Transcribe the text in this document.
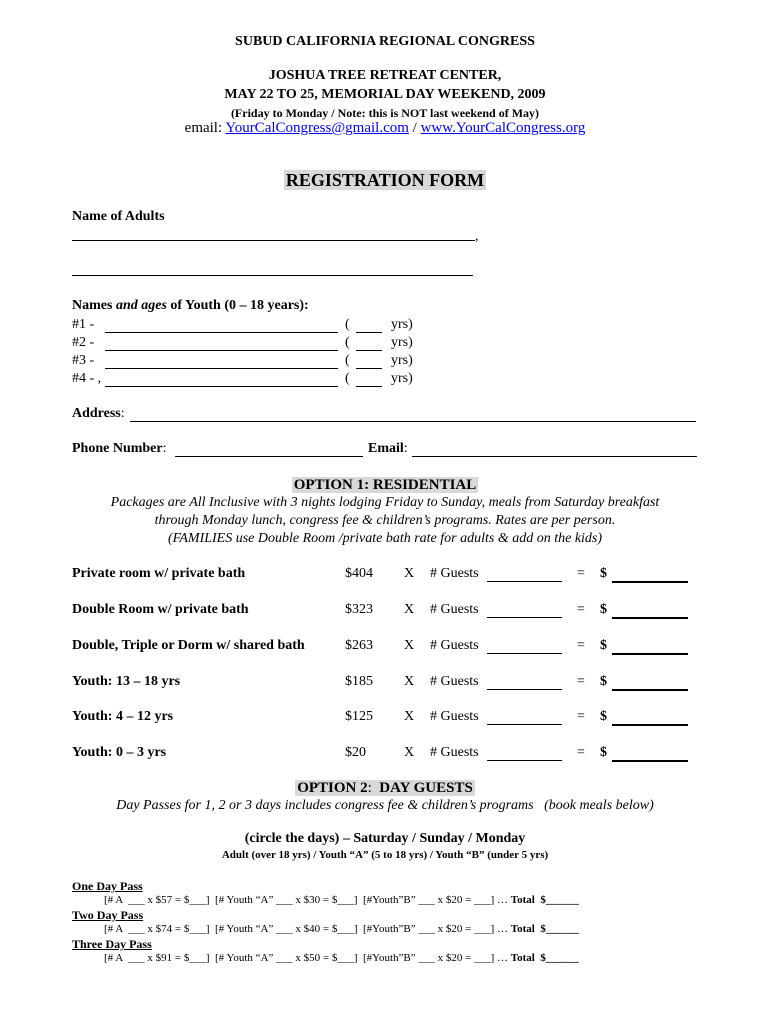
SUBUD CALIFORNIA REGIONAL CONGRESS
JOSHUA TREE RETREAT CENTER,
MAY 22 TO 25, MEMORIAL DAY WEEKEND, 2009
(Friday to Monday / Note: this is NOT last weekend of May)
email: YourCalCongress@gmail.com / www.YourCalCongress.org
REGISTRATION FORM
Name of Adults
,
Names and ages of Youth (0 – 18 years):
#1 -	(	yrs)
#2 -	(	yrs)
#3 -	(	yrs)
#4 - ,	(	yrs)
Address:
Phone Number:	Email:
OPTION 1: RESIDENTIAL
Packages are All Inclusive with 3 nights lodging Friday to Sunday, meals from Saturday breakfast
through Monday lunch, congress fee & children’s programs. Rates are per person.
(FAMILIES use Double Room /private bath rate for adults & add on the kids)
Private room w/ private bath	$404 X # Guests	= $
Double Room w/ private bath	$323 X # Guests	= $
Double, Triple or Dorm w/ shared bath	$263 X # Guests	= $
Youth: 13 – 18 yrs	$185 X # Guests	= $
Youth: 4 – 12 yrs	$125 X # Guests	= $
Youth: 0 – 3 yrs	$20	X # Guests	= $
OPTION 2:  DAY GUESTS
Day Passes for 1, 2 or 3 days includes congress fee & children’s programs   (book meals below)
(circle the days) – Saturday / Sunday / Monday
Adult (over 18 yrs) / Youth “A” (5 to 18 yrs) / Youth “B” (under 5 yrs)
One Day Pass
[# A  ___ x $57 = $___]  [# Youth “A” ___ x $30 = $___]  [#Youth”B” ___ x $20 = ___] … Total  $______
Two Day Pass
[# A  ___ x $74 = $___]  [# Youth “A” ___ x $40 = $___]  [#Youth”B” ___ x $20 = ___] … Total  $______
Three Day Pass
[# A  ___ x $91 = $___]  [# Youth “A” ___ x $50 = $___]  [#Youth”B” ___ x $20 = ___] … Total  $______
